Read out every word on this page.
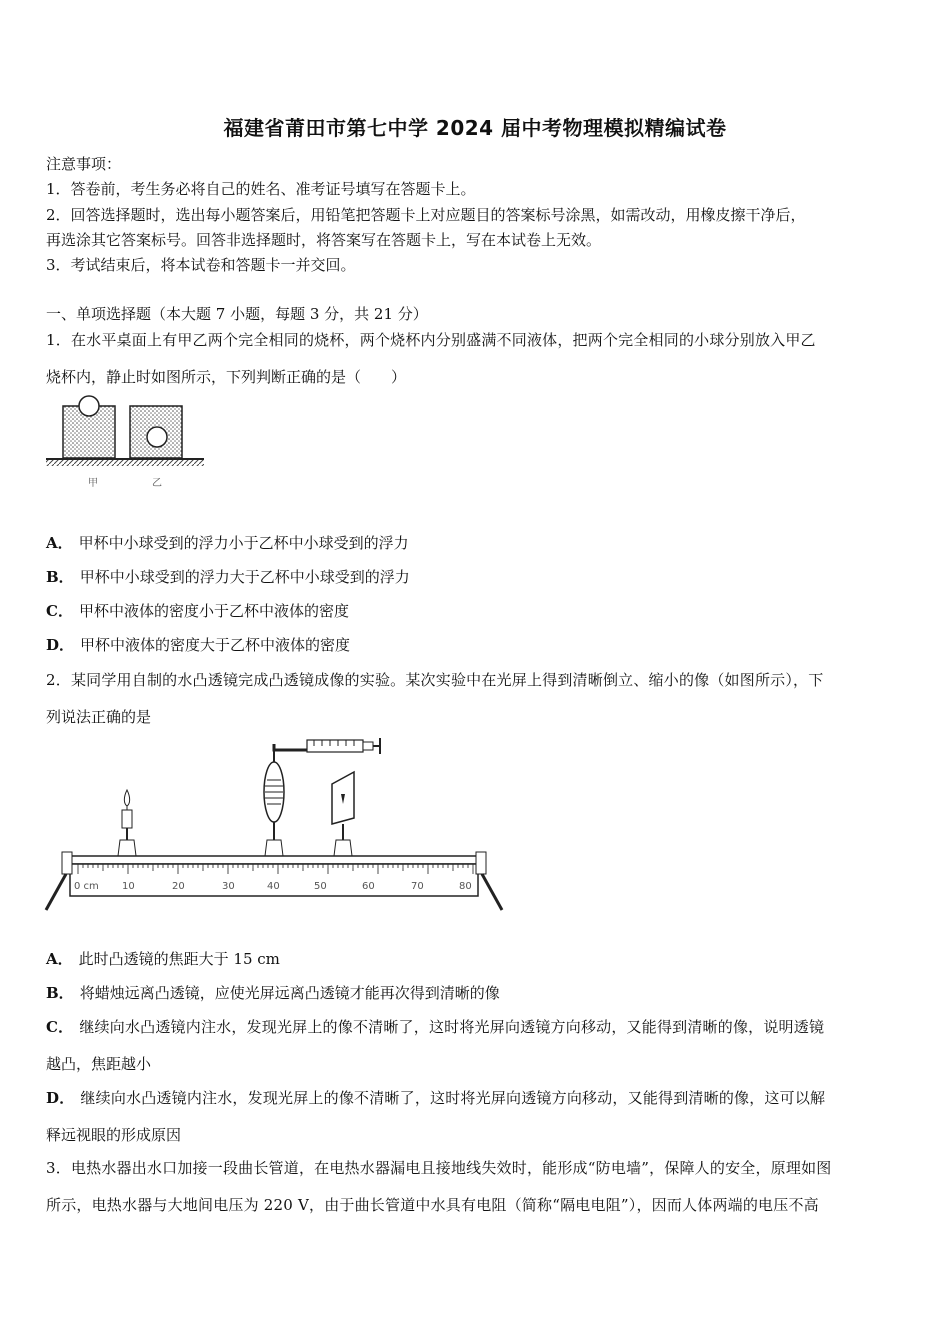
福建省莆田市第七中学 2024 届中考物理模拟精编试卷
注意事项：
1．答卷前，考生务必将自己的姓名、准考证号填写在答题卡上。
2．回答选择题时，选出每小题答案后，用铅笔把答题卡上对应题目的答案标号涂黑，如需改动，用橡皮擦干净后，
再选涂其它答案标号。回答非选择题时，将答案写在答题卡上，写在本试卷上无效。
3．考试结束后，将本试卷和答题卡一并交回。
一、单项选择题（本大题 7 小题，每题 3 分，共 21 分）
1．在水平桌面上有甲乙两个完全相同的烧杯，两个烧杯内分别盛满不同液体，把两个完全相同的小球分别放入甲乙
烧杯内，静止时如图所示，下列判断正确的是（　　）
甲	乙
A． 甲杯中小球受到的浮力小于乙杯中小球受到的浮力
B． 甲杯中小球受到的浮力大于乙杯中小球受到的浮力
C． 甲杯中液体的密度小于乙杯中液体的密度
D． 甲杯中液体的密度大于乙杯中液体的密度
2．某同学用自制的水凸透镜完成凸透镜成像的实验。某次实验中在光屏上得到清晰倒立、缩小的像（如图所示），下
列说法正确的是
0 cm 10	20	30	40	50	60	70	80
A． 此时凸透镜的焦距大于 15 cm
B． 将蜡烛远离凸透镜，应使光屏远离凸透镜才能再次得到清晰的像
C． 继续向水凸透镜内注水，发现光屏上的像不清晰了，这时将光屏向透镜方向移动，又能得到清晰的像，说明透镜
越凸，焦距越小
D． 继续向水凸透镜内注水，发现光屏上的像不清晰了，这时将光屏向透镜方向移动，又能得到清晰的像，这可以解
释远视眼的形成原因
3．电热水器出水口加接一段曲长管道，在电热水器漏电且接地线失效时，能形成“防电墙”，保障人的安全，原理如图
所示，电热水器与大地间电压为 220 V，由于曲长管道中水具有电阻（简称“隔电电阻”），因而人体两端的电压不高
